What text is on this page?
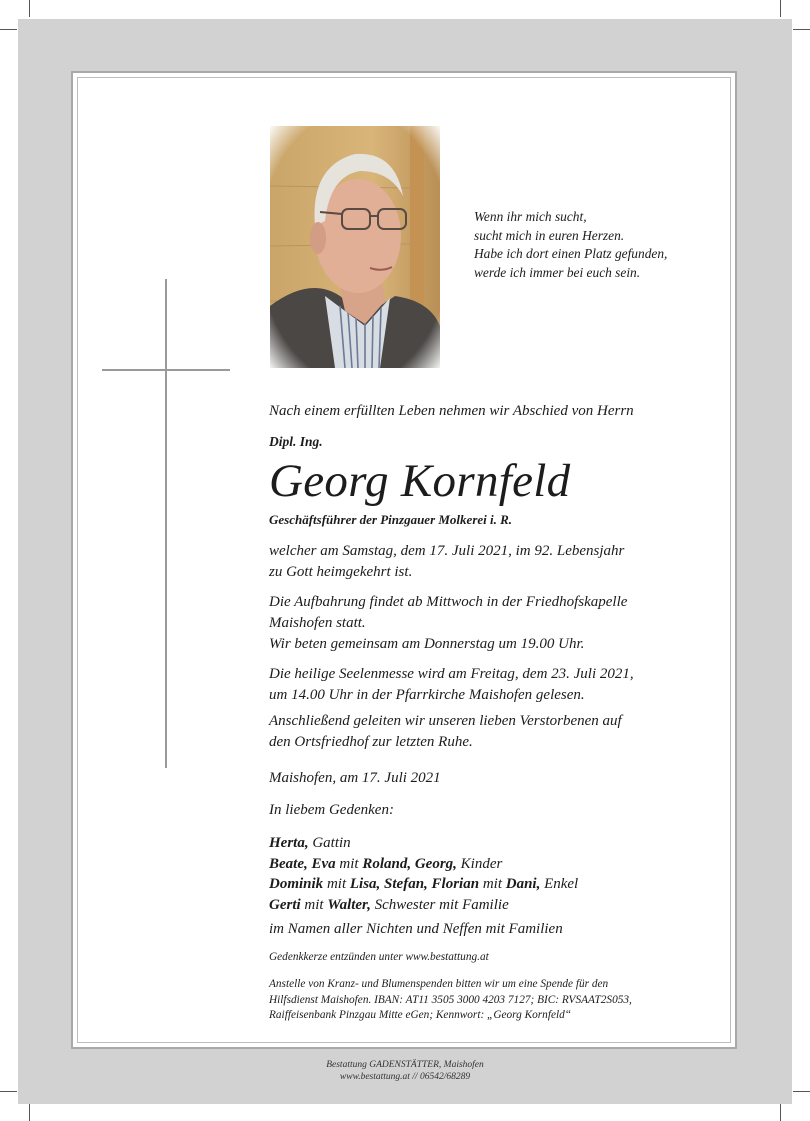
Wenn ihr mich sucht,
sucht mich in euren Herzen.
Habe ich dort einen Platz gefunden,
werde ich immer bei euch sein.
Nach einem erfüllten Leben nehmen wir Abschied von Herrn
Dipl. Ing.
Georg Kornfeld
Geschäftsführer der Pinzgauer Molkerei i. R.
welcher am Samstag, dem 17. Juli 2021, im 92. Lebensjahr
zu Gott heimgekehrt ist.
Die Aufbahrung findet ab Mittwoch in der Friedhofskapelle
Maishofen statt.
Wir beten gemeinsam am Donnerstag um 19.00 Uhr.
Die heilige Seelenmesse wird am Freitag, dem 23. Juli 2021,
um 14.00 Uhr in der Pfarrkirche Maishofen gelesen.
Anschließend geleiten wir unseren lieben Verstorbenen auf
den Ortsfriedhof zur letzten Ruhe.
Maishofen, am 17. Juli 2021
In liebem Gedenken:
Herta, Gattin
Beate, Eva mit Roland, Georg, Kinder
Dominik mit Lisa, Stefan, Florian mit Dani, Enkel
Gerti mit Walter, Schwester mit Familie
im Namen aller Nichten und Neffen mit Familien
Gedenkkerze entzünden unter www.bestattung.at
Anstelle von Kranz- und Blumenspenden bitten wir um eine Spende für den
Hilfsdienst Maishofen. IBAN: AT11 3505 3000 4203 7127; BIC: RVSAAT2S053,
Raiffeisenbank Pinzgau Mitte eGen; Kennwort: „Georg Kornfeld“
Bestattung GADENSTÄTTER, Maishofen
www.bestattung.at // 06542/68289
